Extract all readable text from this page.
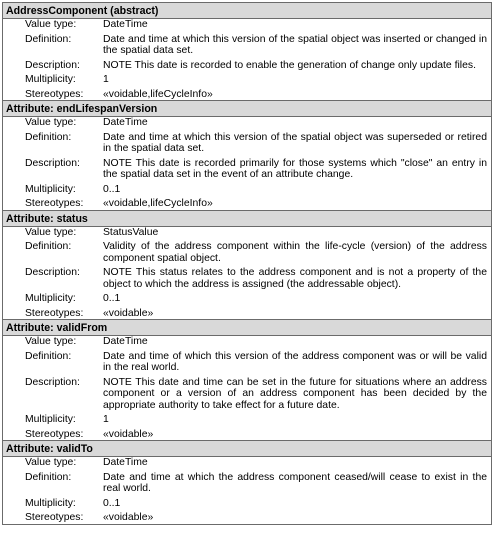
AddressComponent (abstract)
Value type:	DateTime
Definition:	Date and time at which this version of the spatial object was inserted or changed in the spatial data set.
Description:	NOTE This date is recorded to enable the generation of change only update files.
Multiplicity:	1
Stereotypes:	«voidable,lifeCycleInfo»
Attribute: endLifespanVersion
Value type:	DateTime
Definition:	Date and time at which this version of the spatial object was superseded or retired in the spatial data set.
Description:	NOTE This date is recorded primarily for those systems which "close" an entry in the spatial data set in the event of an attribute change.
Multiplicity:	0..1
Stereotypes:	«voidable,lifeCycleInfo»
Attribute: status
Value type:	StatusValue
Definition:	Validity of the address component within the life-cycle (version) of the address component spatial object.
Description:	NOTE This status relates to the address component and is not a property of the object to which the address is assigned (the addressable object).
Multiplicity:	0..1
Stereotypes:	«voidable»
Attribute: validFrom
Value type:	DateTime
Definition:	Date and time of which this version of the address component was or will be valid in the real world.
Description:	NOTE This date and time can be set in the future for situations where an address component or a version of an address component has been decided by the appropriate authority to take effect for a future date.
Multiplicity:	1
Stereotypes:	«voidable»
Attribute: validTo
Value type:	DateTime
Definition:	Date and time at which the address component ceased/will cease to exist in the real world.
Multiplicity:	0..1
Stereotypes:	«voidable»
